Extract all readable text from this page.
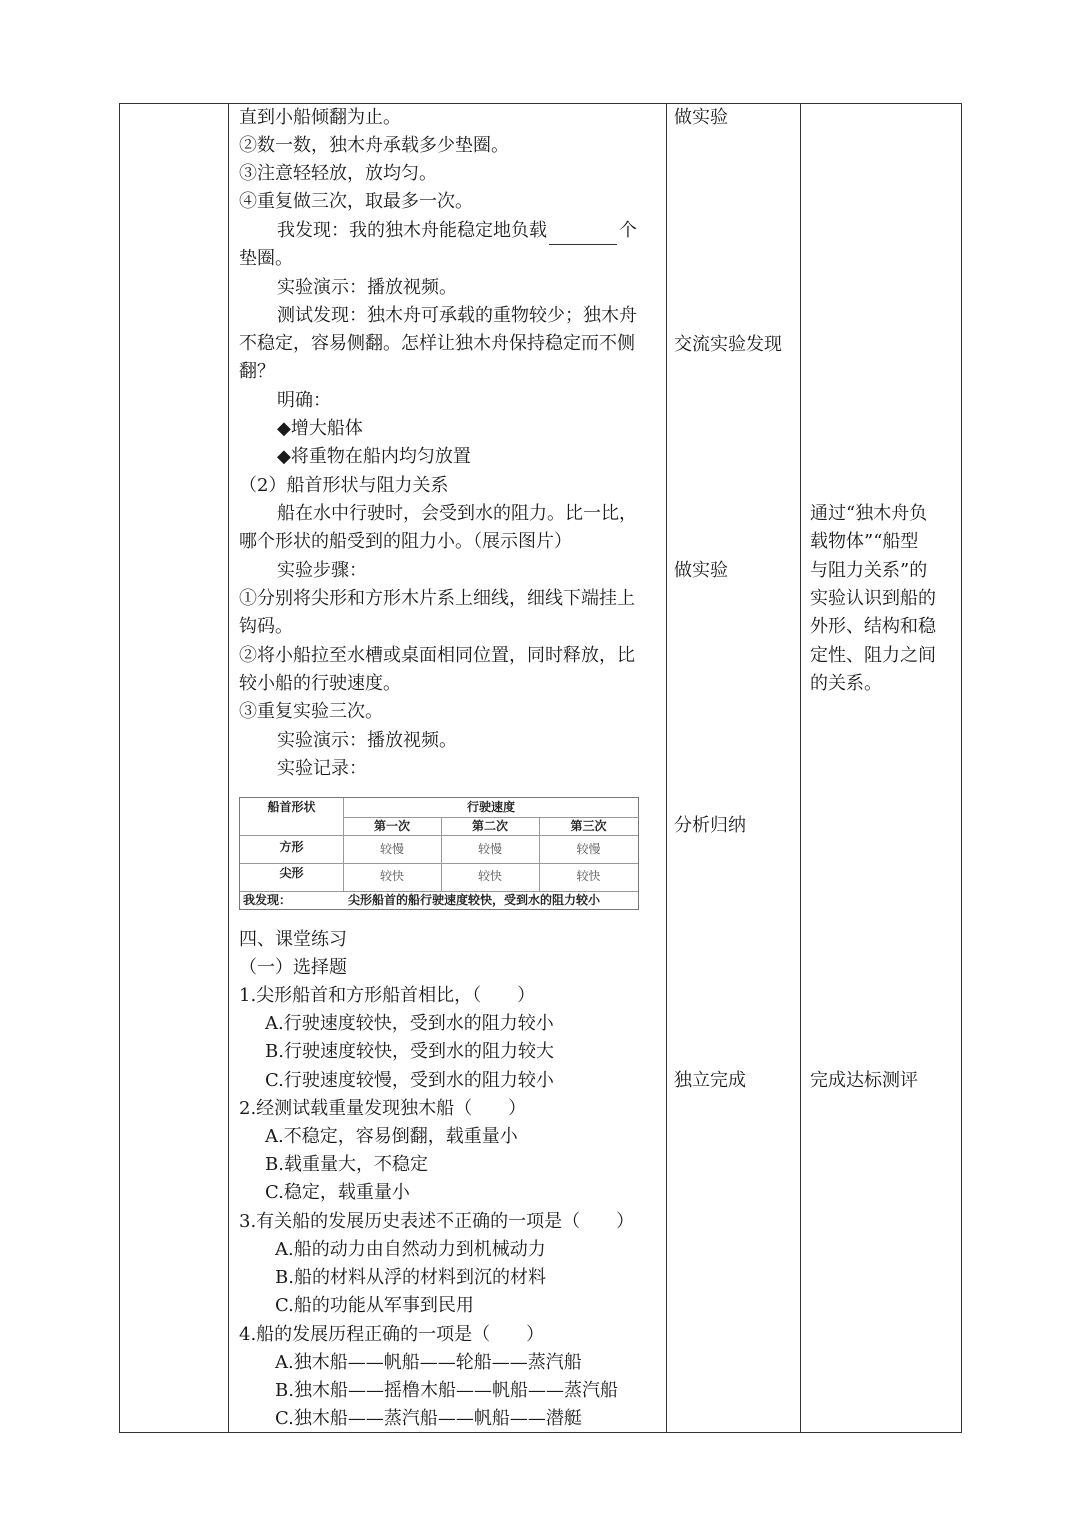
直到小船倾翻为止。
②数一数，独木舟承载多少垫圈。
③注意轻轻放，放均匀。
④重复做三次，取最多一次。
我发现：我的独木舟能稳定地负载	个
垫圈。
实验演示：播放视频。
测试发现：独木舟可承载的重物较少；独木舟
不稳定，容易侧翻。怎样让独木舟保持稳定而不侧
翻？
明确：
◆增大船体
◆将重物在船内均匀放置
（2）船首形状与阻力关系
船在水中行驶时，会受到水的阻力。比一比，
哪个形状的船受到的阻力小。（展示图片）
实验步骤：
①分别将尖形和方形木片系上细线，细线下端挂上
钩码。
②将小船拉至水槽或桌面相同位置，同时释放，比
较小船的行驶速度。
③重复实验三次。
实验演示：播放视频。
实验记录：
四、课堂练习
（一）选择题
1.尖形船首和方形船首相比，（　　）
A.行驶速度较快，受到水的阻力较小
B.行驶速度较快，受到水的阻力较大
C.行驶速度较慢，受到水的阻力较小
2.经测试载重量发现独木船（　　）
A.不稳定，容易倒翻，载重量小
B.载重量大，不稳定
C.稳定，载重量小
3.有关船的发展历史表述不正确的一项是（　　）
A.船的动力由自然动力到机械动力
B.船的材料从浮的材料到沉的材料
C.船的功能从军事到民用
4.船的发展历程正确的一项是（　　）
A.独木船——帆船——轮船——蒸汽船
B.独木船——摇橹木船——帆船——蒸汽船
C.独木船——蒸汽船——帆船——潜艇
船首形状	行驶速度
第一次	第二次	第三次
方形	较慢	较慢	较慢
尖形	较快	较快	较快
我发现：	尖形船首的船行驶速度较快，受到水的阻力较小
做实验
交流实验发现
做实验
分析归纳
独立完成
通过“独木舟负
载物体”“船型
与阻力关系”的
实验认识到船的
外形、结构和稳
定性、阻力之间
的关系。
完成达标测评
